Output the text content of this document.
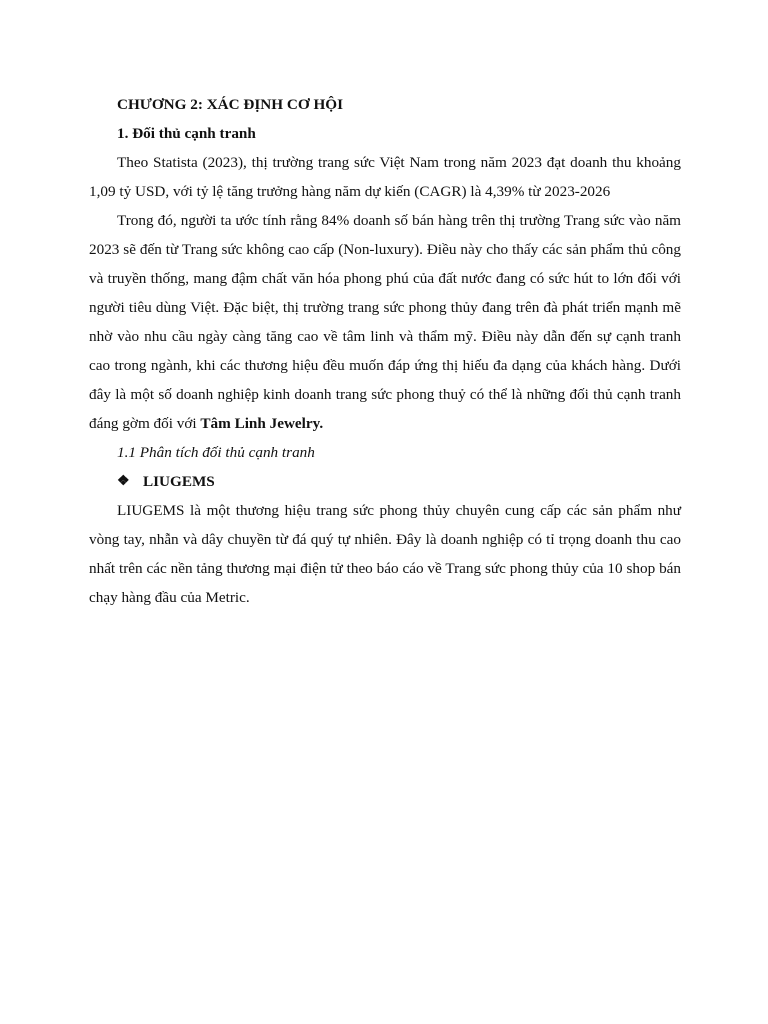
CHƯƠNG 2: XÁC ĐỊNH CƠ HỘI

1. Đối thủ cạnh tranh

Theo Statista (2023), thị trường trang sức Việt Nam trong năm 2023 đạt doanh thu khoảng 1,09 tỷ USD, với tỷ lệ tăng trưởng hàng năm dự kiến (CAGR) là 4,39% từ 2023-2026

Trong đó, người ta ước tính rằng 84% doanh số bán hàng trên thị trường Trang sức vào năm 2023 sẽ đến từ Trang sức không cao cấp (Non-luxury). Điều này cho thấy các sản phẩm thủ công và truyền thống, mang đậm chất văn hóa phong phú của đất nước đang có sức hút to lớn đối với người tiêu dùng Việt. Đặc biệt, thị trường trang sức phong thủy đang trên đà phát triển mạnh mẽ nhờ vào nhu cầu ngày càng tăng cao về tâm linh và thẩm mỹ. Điều này dẫn đến sự cạnh tranh cao trong ngành, khi các thương hiệu đều muốn đáp ứng thị hiếu đa dạng của khách hàng. Dưới đây là một số doanh nghiệp kinh doanh trang sức phong thuỷ có thể là những đối thủ cạnh tranh đáng gờm đối với Tâm Linh Jewelry.

1.1 Phân tích đối thủ cạnh tranh

❖ LIUGEMS

LIUGEMS là một thương hiệu trang sức phong thủy chuyên cung cấp các sản phẩm như vòng tay, nhẫn và dây chuyền từ đá quý tự nhiên. Đây là doanh nghiệp có tỉ trọng doanh thu cao nhất trên các nền tảng thương mại điện tử theo báo cáo về Trang sức phong thủy của 10 shop bán chạy hàng đầu của Metric.
